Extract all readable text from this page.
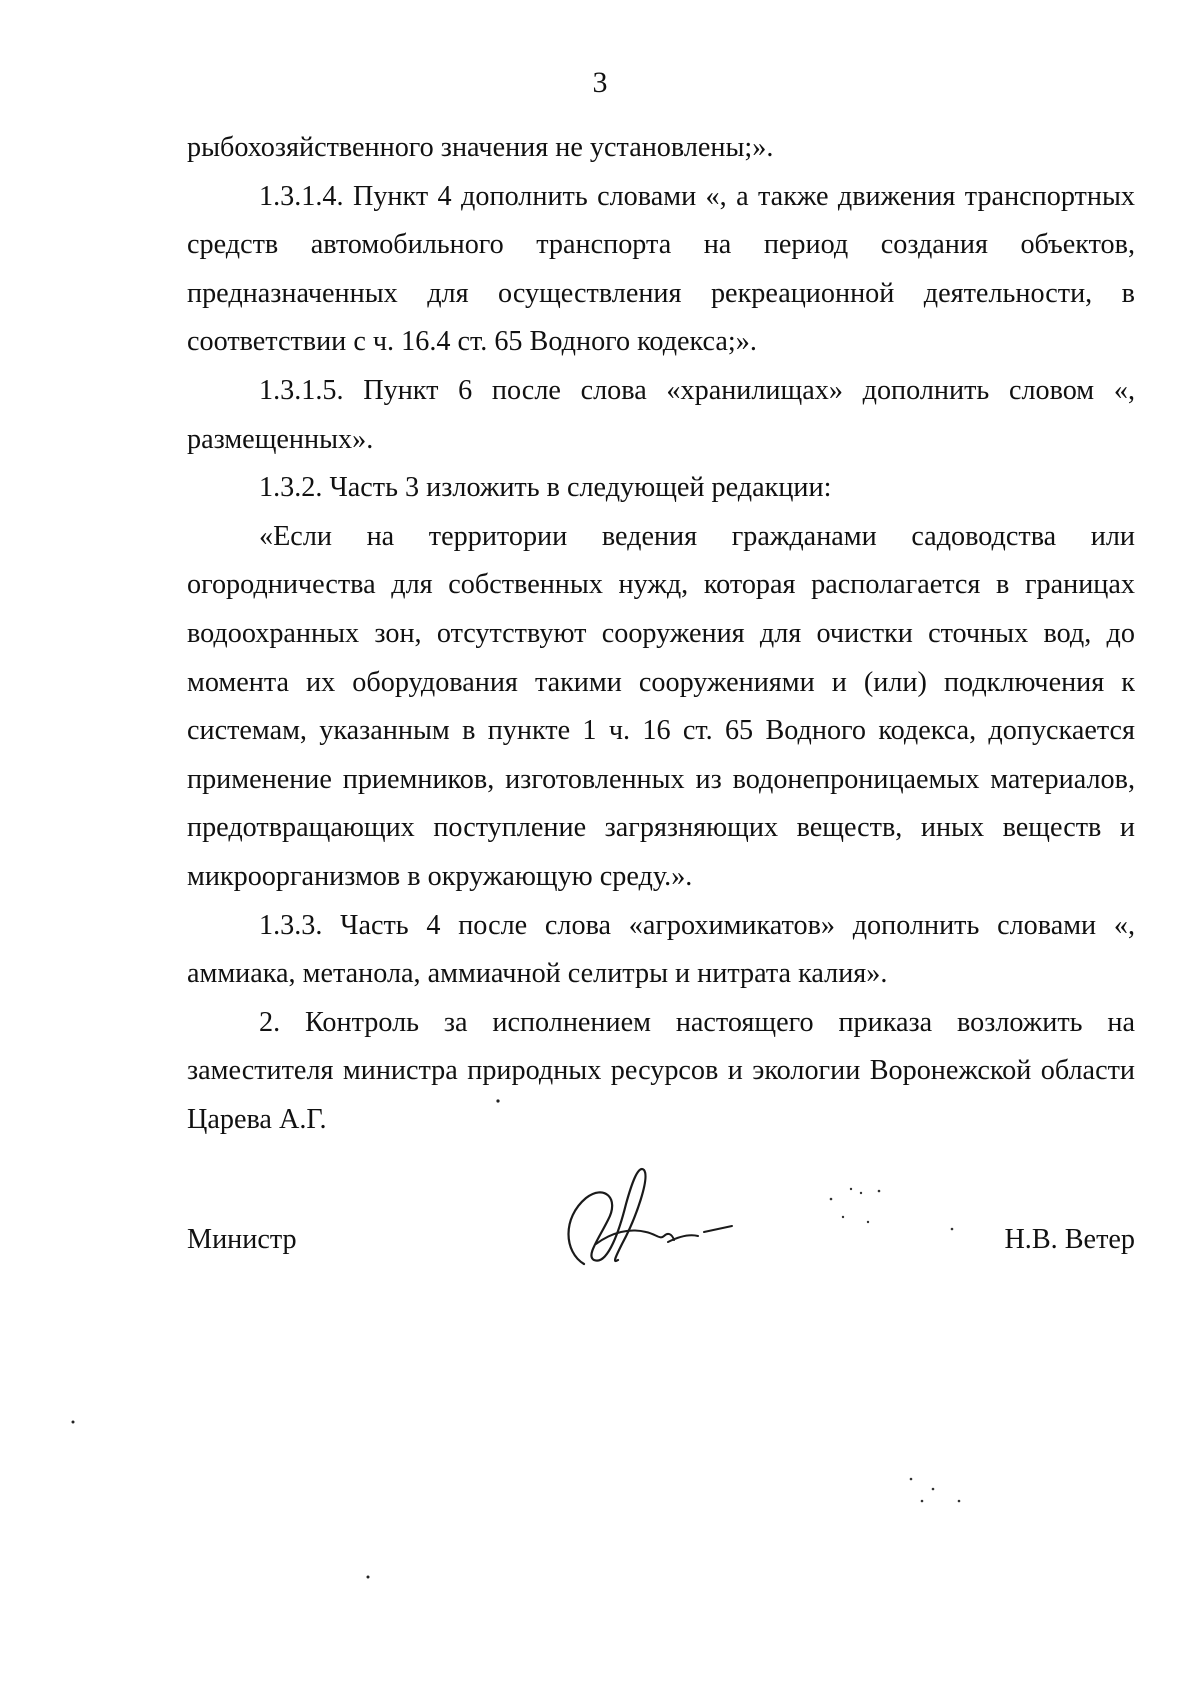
3

рыбохозяйственного значения не установлены;».

1.3.1.4. Пункт 4 дополнить словами «, а также движения транспортных средств автомобильного транспорта на период создания объектов, предназначенных для осуществления рекреационной деятельности, в соответствии с ч. 16.4 ст. 65 Водного кодекса;».

1.3.1.5. Пункт 6 после слова «хранилищах» дополнить словом «, размещенных».

1.3.2. Часть 3 изложить в следующей редакции:

«Если на территории ведения гражданами садоводства или огородничества для собственных нужд, которая располагается в границах водоохранных зон, отсутствуют сооружения для очистки сточных вод, до момента их оборудования такими сооружениями и (или) подключения к системам, указанным в пункте 1 ч. 16 ст. 65 Водного кодекса, допускается применение приемников, изготовленных из водонепроницаемых материалов, предотвращающих поступление загрязняющих веществ, иных веществ и микроорганизмов в окружающую среду.».

1.3.3. Часть 4 после слова «агрохимикатов» дополнить словами «, аммиака, метанола, аммиачной селитры и нитрата калия».

2. Контроль за исполнением настоящего приказа возложить на заместителя министра природных ресурсов и экологии Воронежской области Царева А.Г.

Министр	Н.В. Ветер
